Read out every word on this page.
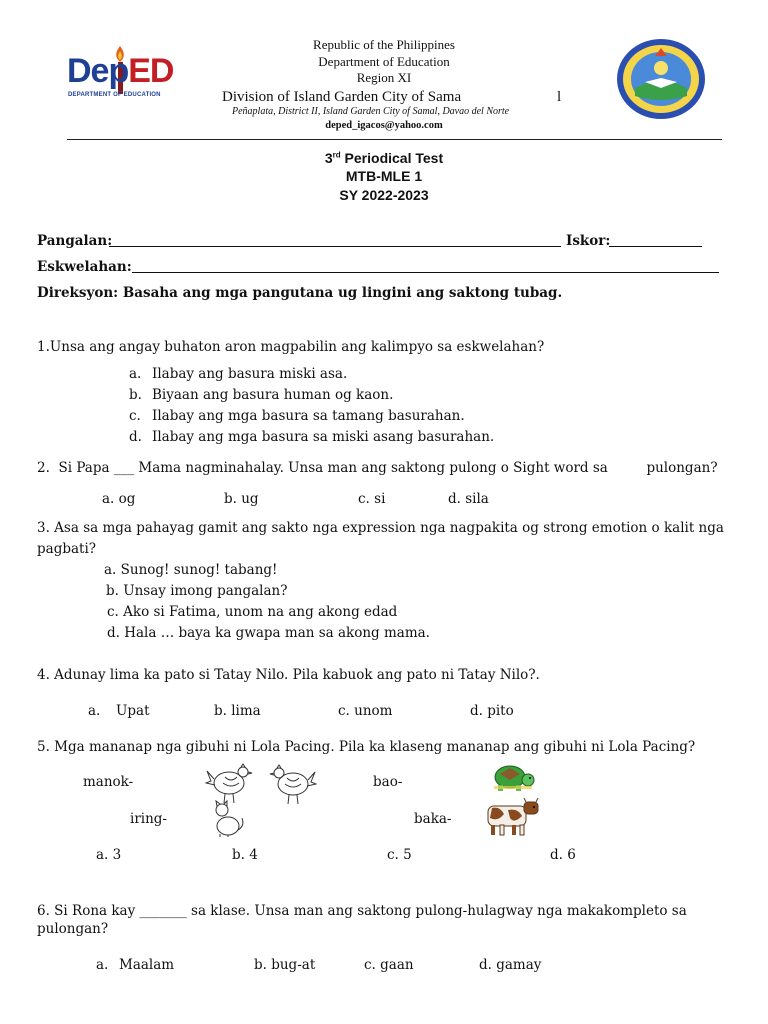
DepED
DEPARTMENT OF EDUCATION
Republic of the Philippines
Department of Education
Region XI
Division of Island Garden City of Sama	l
Peñaplata, District II, Island Garden City of Samal, Davao del Norte
deped_igacos@yahoo.com
3rd Periodical Test
MTB-MLE 1
SY 2022-2023
Pangalan:	Iskor:
Eskwelahan:
Direksyon: Basaha ang mga pangutana ug lingini ang saktong tubag.
1.Unsa ang angay buhaton aron magpabilin ang kalimpyo sa eskwelahan?
a. Ilabay ang basura miski asa.
b. Biyaan ang basura human og kaon.
c. Ilabay ang mga basura sa tamang basurahan.
d. Ilabay ang mga basura sa miski asang basurahan.
2.  Si Papa ___ Mama nagminahalay. Unsa man ang saktong pulong o Sight word sa         pulongan?
a. og	b. ug	c. si	d. sila
3. Asa sa mga pahayag gamit ang sakto nga expression nga nagpakita og strong emotion o kalit nga
pagbati?
a. Sunog! sunog! tabang!
b. Unsay imong pangalan?
c. Ako si Fatima, unom na ang akong edad
d. Hala … baya ka gwapa man sa akong mama.
4. Adunay lima ka pato si Tatay Nilo. Pila kabuok ang pato ni Tatay Nilo?.
a. Upat	b. lima	c. unom	d. pito
5. Mga mananap nga gibuhi ni Lola Pacing. Pila ka klaseng mananap ang gibuhi ni Lola Pacing?
manok-	bao-
iring-	baka-
a. 3	b. 4	c. 5	d. 6
6. Si Rona kay _______ sa klase. Unsa man ang saktong pulong-hulagway nga makakompleto sa
pulongan?
a. Maalam	b. bug-at	c. gaan	d. gamay
